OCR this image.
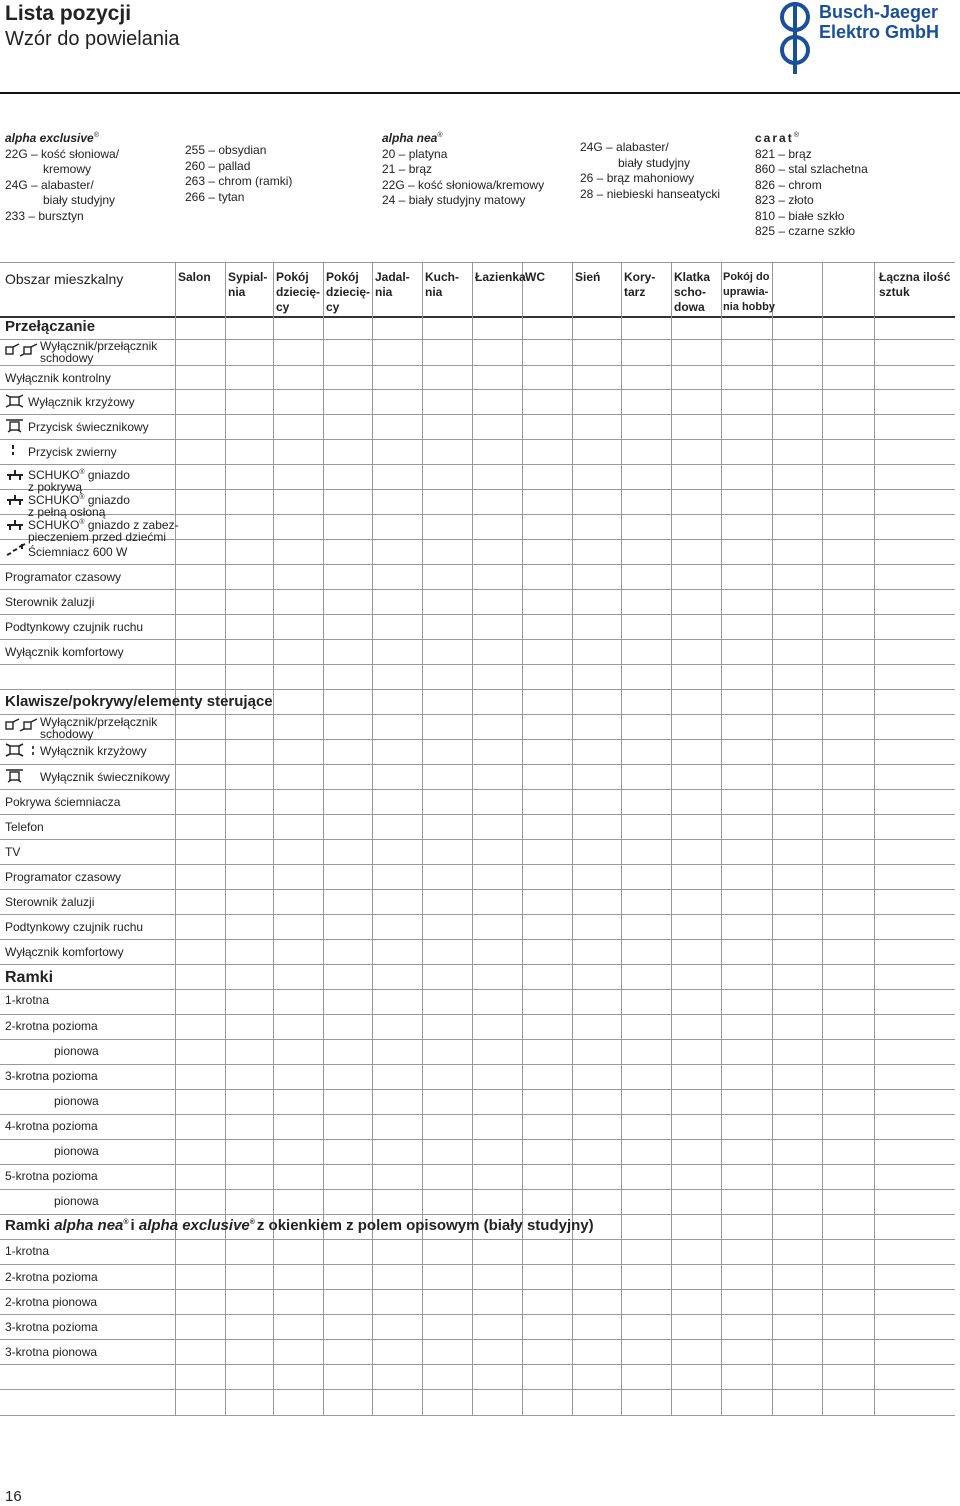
Lista pozycji
Wzór do powielania
Busch-Jaeger
Elektro GmbH
alpha exclusive®
22G – kość słoniowa/
kremowy
24G – alabaster/
biały studyjny
233 – bursztyn
255 – obsydian
260 – pallad
263 – chrom (ramki)
266 – tytan
alpha nea®
20 – platyna
21 – brąz
22G – kość słoniowa/kremowy
24 – biały studyjny matowy
24G – alabaster/
biały studyjny
26 – brąz mahoniowy
28 – niebieski hanseatycki
carat®
821 – brąz
860 – stal szlachetna
826 – chrom
823 – złoto
810 – białe szkło
825 – czarne szkło
Obszar mieszkalny	Salon Sypial-
nia
Pokój
dziecię-
cy
Pokój
dziecię-
cy
Jadal-
nia
Kuch-
nia
Łazienka WC	Sień Kory-
tarz
Klatka
scho-
dowa
Pokój do
uprawia-
nia hobby
Łączna ilość
sztuk
Przełączanie
Wyłącznik/przełącznik
schodowy
Wyłącznik kontrolny
Wyłącznik krzyżowy
Przycisk świecznikowy
Przycisk zwierny
SCHUKO® gniazdo
z pokrywą
SCHUKO® gniazdo
z pełną osłoną
SCHUKO® gniazdo z zabez-
pieczeniem przed dziećmi
Ściemniacz 600 W
Programator czasowy
Sterownik żaluzji
Podtynkowy czujnik ruchu
Wyłącznik komfortowy
Klawisze/pokrywy/elementy sterujące
Wyłącznik/przełącznik
schodowy
Wyłącznik krzyżowy
Wyłącznik świecznikowy
Pokrywa ściemniacza
Telefon
TV
Programator czasowy
Sterownik żaluzji
Podtynkowy czujnik ruchu
Wyłącznik komfortowy
Ramki
1-krotna
2-krotna pozioma
pionowa
3-krotna pozioma
pionowa
4-krotna pozioma
pionowa
5-krotna pozioma
pionowa
Ramki alpha nea® i alpha exclusive® z okienkiem z polem opisowym (biały studyjny)
1-krotna
2-krotna pozioma
2-krotna pionowa
3-krotna pozioma
3-krotna pionowa
16
